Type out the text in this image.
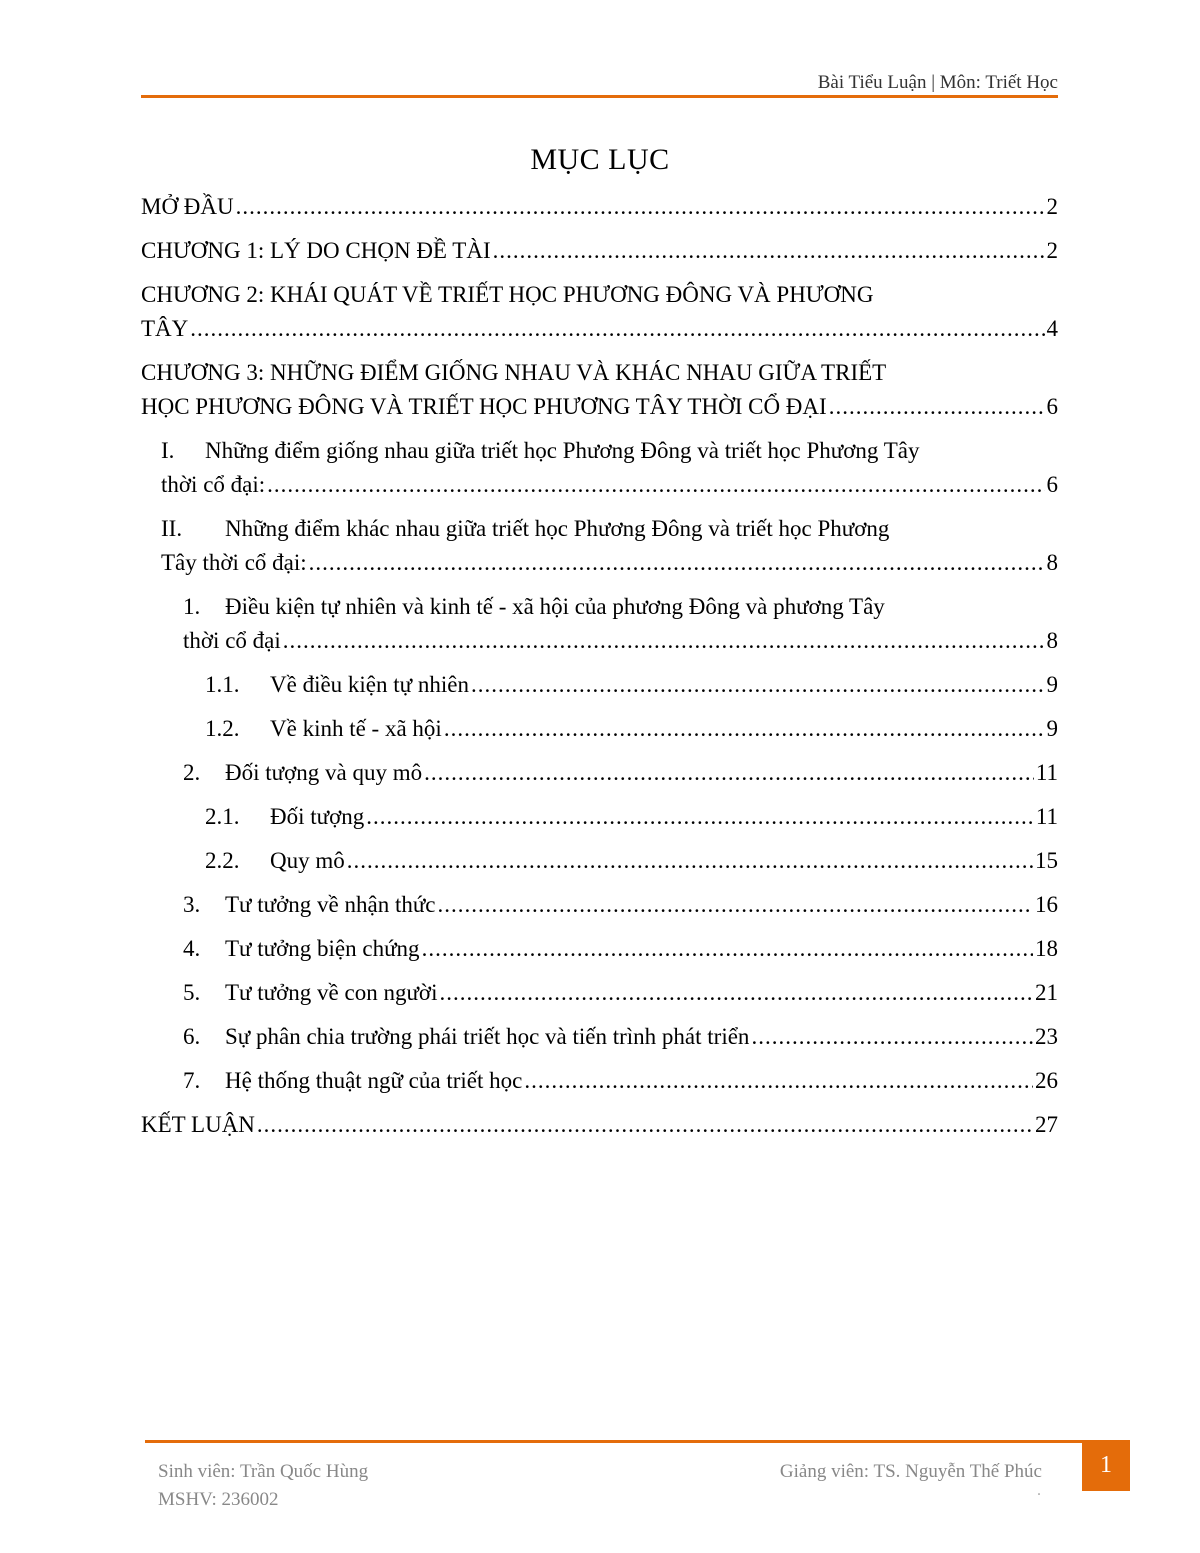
Bài Tiểu Luận | Môn: Triết Học
MỤC LỤC
MỞ ĐẦU .....	2
CHƯƠNG 1: LÝ DO CHỌN ĐỀ TÀI .....	2
CHƯƠNG 2: KHÁI QUÁT VỀ TRIẾT HỌC PHƯƠNG ĐÔNG VÀ PHƯƠNG
TÂY .....	4
CHƯƠNG 3: NHỮNG ĐIỂM GIỐNG NHAU VÀ KHÁC NHAU GIỮA TRIẾT
HỌC PHƯƠNG ĐÔNG VÀ TRIẾT HỌC PHƯƠNG TÂY THỜI CỔ ĐẠI .....	6
I.	Những điểm giống nhau giữa triết học Phương Đông và triết học Phương Tây
thời cổ đại: .....	6
II.	Những điểm khác nhau giữa triết học Phương Đông và triết học Phương
Tây thời cổ đại: .....	8
1.	Điều kiện tự nhiên và kinh tế - xã hội của phương Đông và phương Tây
thời cổ đại .....	8
1.1.	Về điều kiện tự nhiên .....	9
1.2.	Về kinh tế - xã hội .....	9
2.	Đối tượng và quy mô .....	11
2.1.	Đối tượng .....	11
2.2.	Quy mô .....	15
3.	Tư tưởng về nhận thức .....	16
4.	Tư tưởng biện chứng .....	18
5.	Tư tưởng về con người .....	21
6.	Sự phân chia trường phái triết học và tiến trình phát triển .....	23
7.	Hệ thống thuật ngữ của triết học .....	26
KẾT LUẬN .....	27
Sinh viên: Trần Quốc Hùng
MSHV: 236002
Giảng viên: TS. Nguyễn Thế Phúc
.
1
